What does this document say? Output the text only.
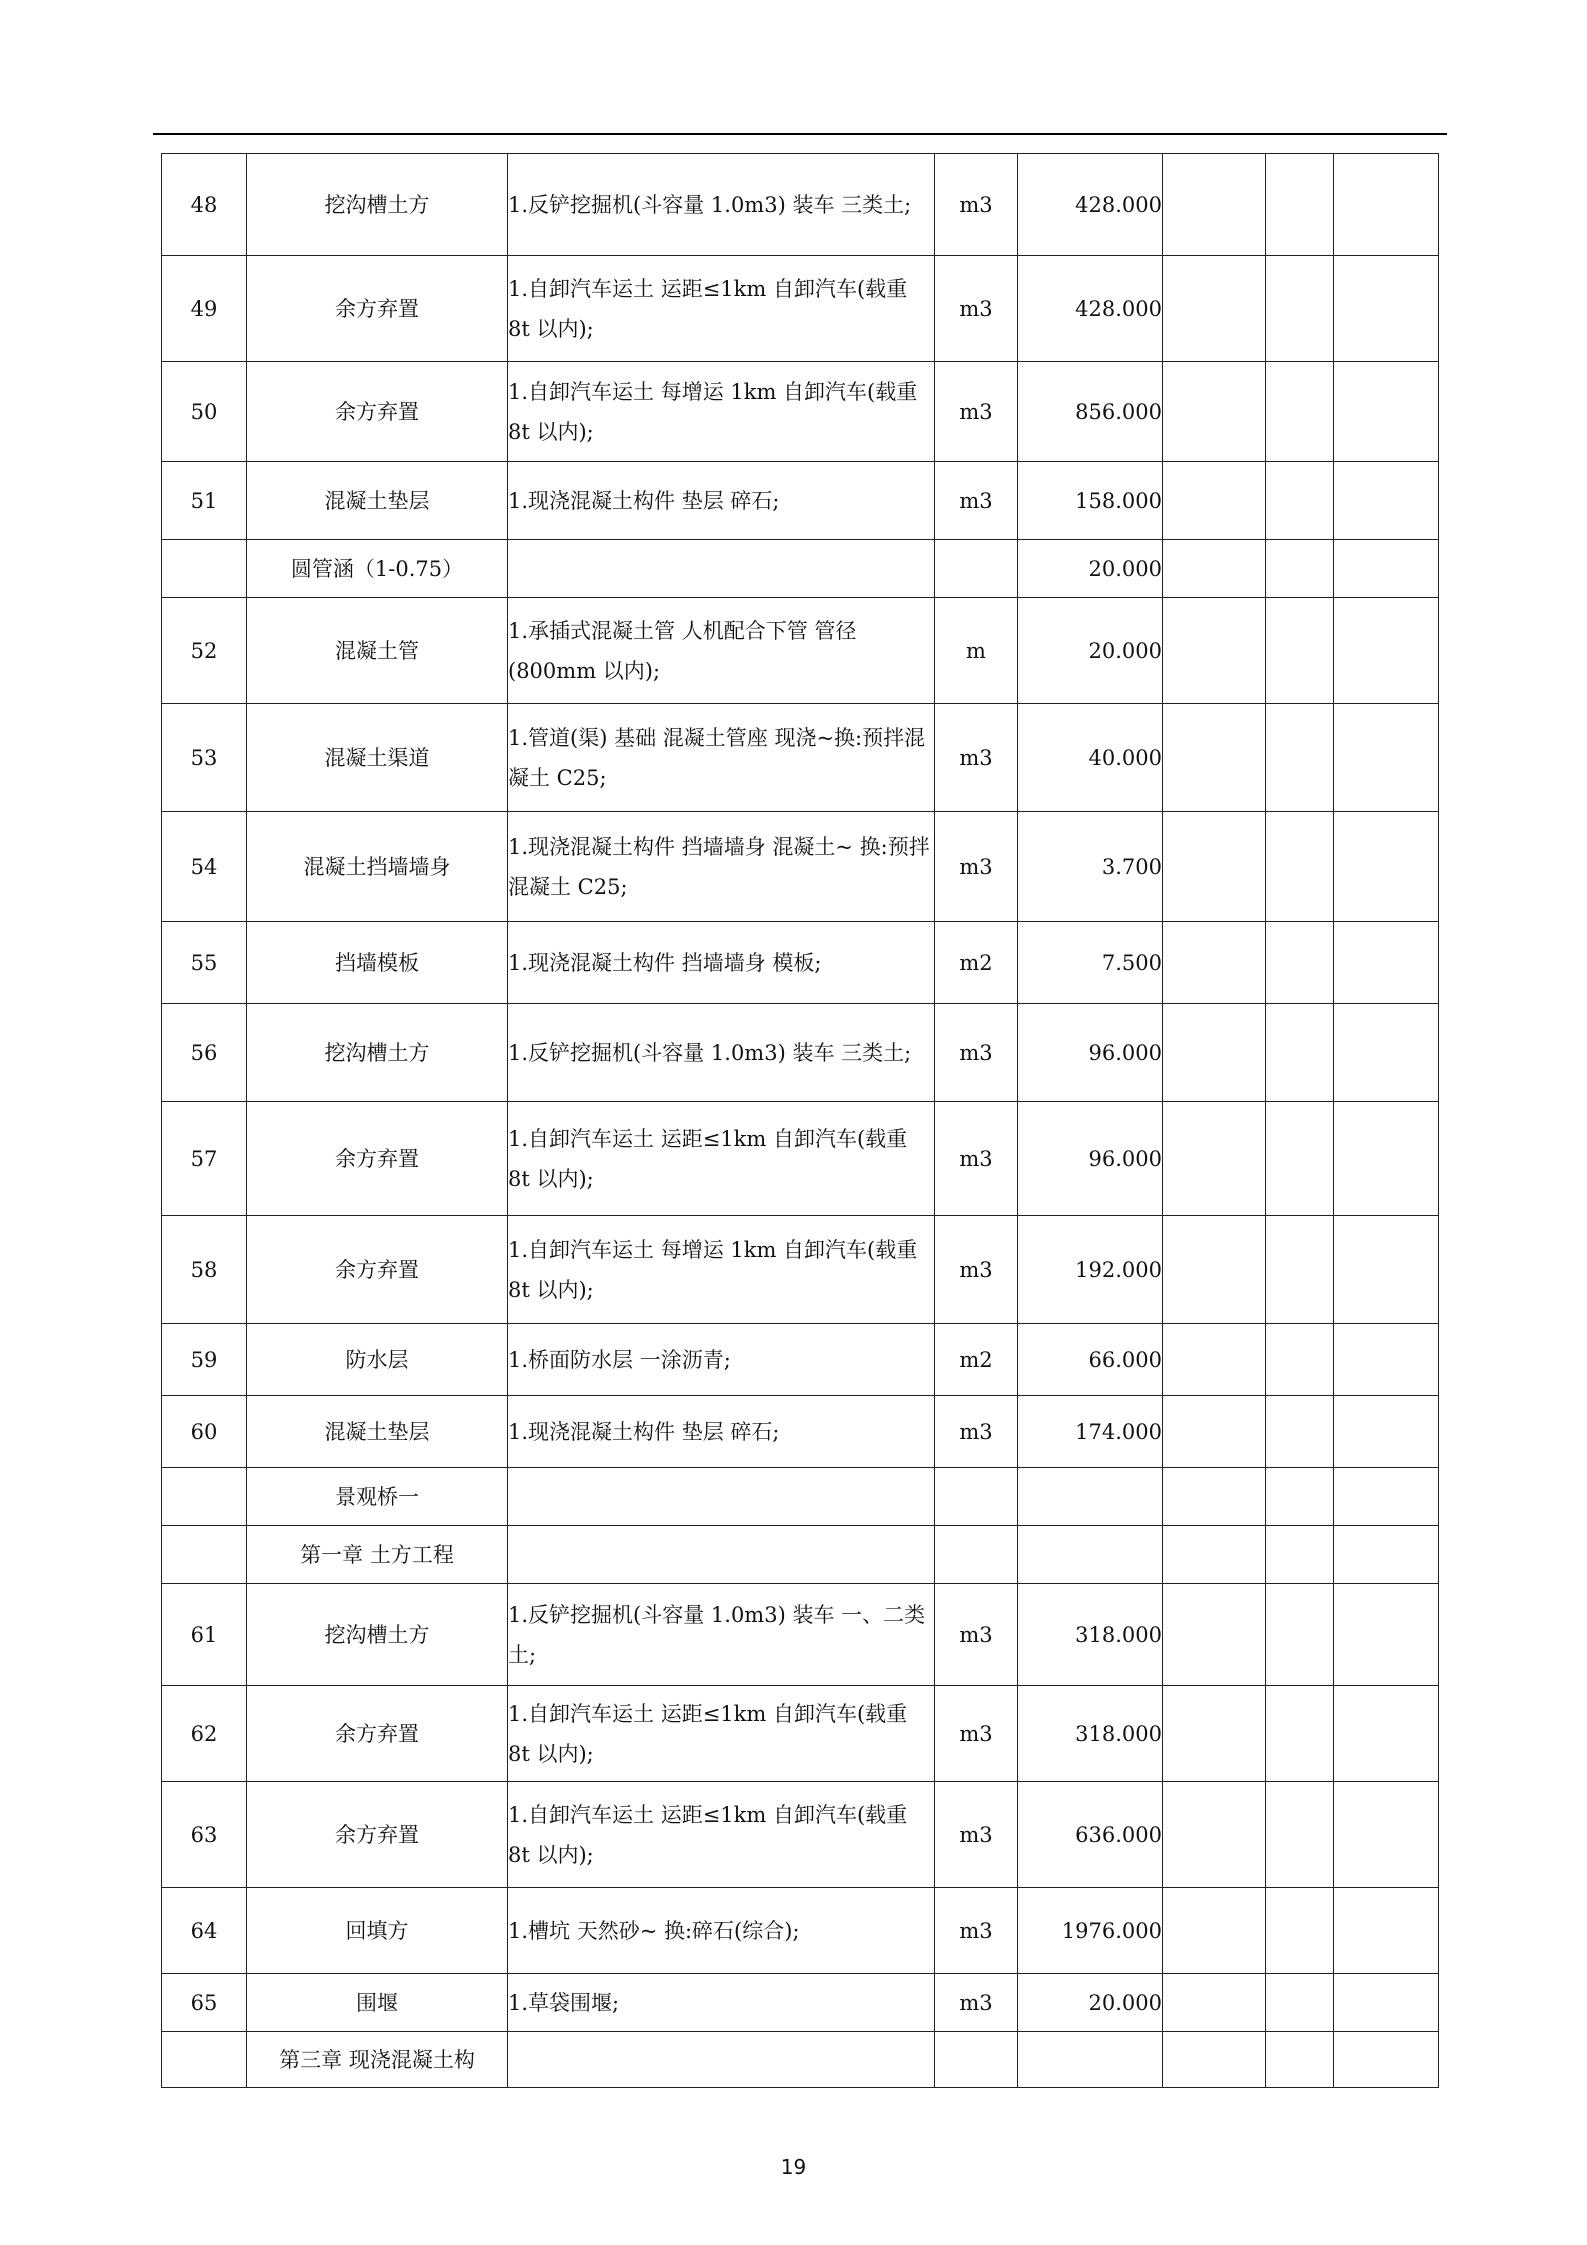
48	挖沟槽土方	1.反铲挖掘机(斗容量 1.0m3) 装车 三类土;	m3	428.000			
49	余方弃置	1.自卸汽车运土 运距≤1km 自卸汽车(载重 8t 以内);	m3	428.000			
50	余方弃置	1.自卸汽车运土 每增运 1km 自卸汽车(载重 8t 以内);	m3	856.000			
51	混凝土垫层	1.现浇混凝土构件 垫层 碎石;	m3	158.000			
	圆管涵（1-0.75）			20.000			
52	混凝土管	1.承插式混凝土管 人机配合下管 管径(800mm 以内);	m	20.000			
53	混凝土渠道	1.管道(渠) 基础 混凝土管座 现浇~换:预拌混凝土 C25;	m3	40.000			
54	混凝土挡墙墙身	1.现浇混凝土构件 挡墙墙身 混凝土~ 换:预拌混凝土 C25;	m3	3.700			
55	挡墙模板	1.现浇混凝土构件 挡墙墙身 模板;	m2	7.500			
56	挖沟槽土方	1.反铲挖掘机(斗容量 1.0m3) 装车 三类土;	m3	96.000			
57	余方弃置	1.自卸汽车运土 运距≤1km 自卸汽车(载重 8t 以内);	m3	96.000			
58	余方弃置	1.自卸汽车运土 每增运 1km 自卸汽车(载重 8t 以内);	m3	192.000			
59	防水层	1.桥面防水层 一涂沥青;	m2	66.000			
60	混凝土垫层	1.现浇混凝土构件 垫层 碎石;	m3	174.000			
	景观桥一						
	第一章 土方工程						
61	挖沟槽土方	1.反铲挖掘机(斗容量 1.0m3) 装车 一、二类土;	m3	318.000			
62	余方弃置	1.自卸汽车运土 运距≤1km 自卸汽车(载重 8t 以内);	m3	318.000			
63	余方弃置	1.自卸汽车运土 运距≤1km 自卸汽车(载重 8t 以内);	m3	636.000			
64	回填方	1.槽坑 天然砂~ 换:碎石(综合);	m3	1976.000			
65	围堰	1.草袋围堰;	m3	20.000			
	第三章 现浇混凝土构						
19
